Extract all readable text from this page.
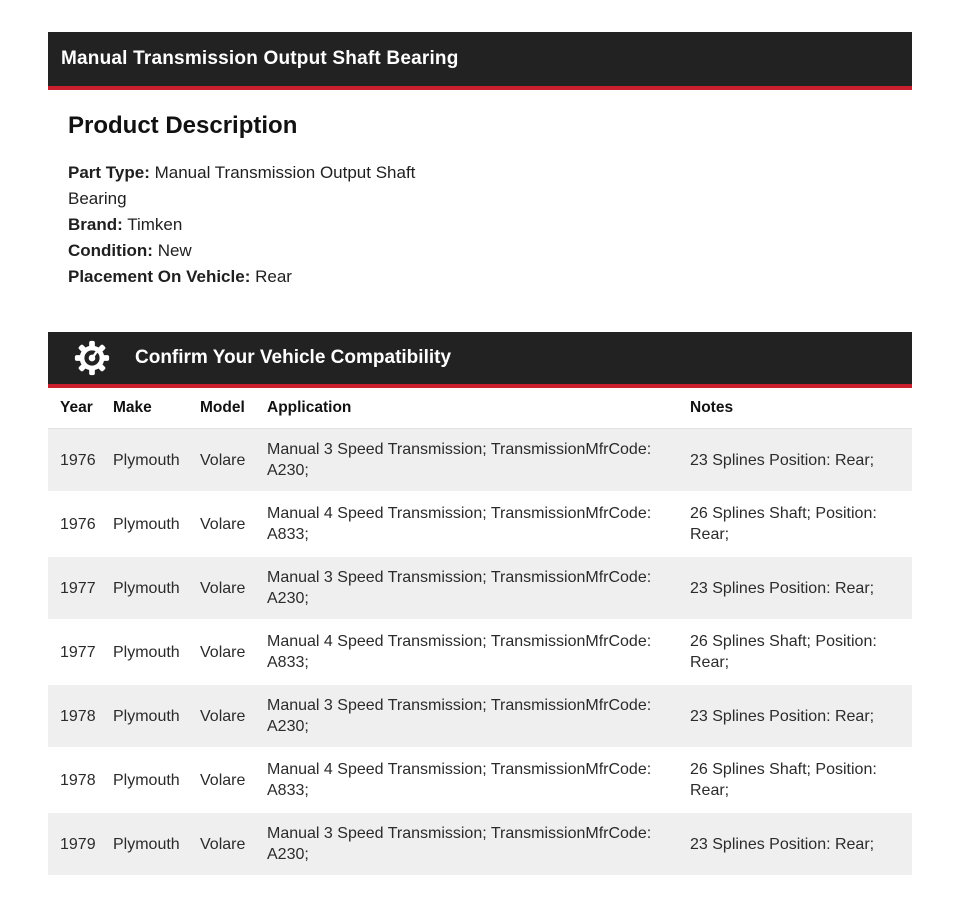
Manual Transmission Output Shaft Bearing
Product Description

Part Type: Manual Transmission Output Shaft Bearing

Brand: Timken

Condition: New

Placement On Vehicle: Rear

Confirm Your Vehicle Compatibility
Year	Make	Model	Application	Notes
1976	Plymouth	Volare	Manual 3 Speed Transmission; TransmissionMfrCode: A230;	23 Splines Position: Rear;
1976	Plymouth	Volare	Manual 4 Speed Transmission; TransmissionMfrCode: A833;	26 Splines Shaft; Position: Rear;
1977	Plymouth	Volare	Manual 3 Speed Transmission; TransmissionMfrCode: A230;	23 Splines Position: Rear;
1977	Plymouth	Volare	Manual 4 Speed Transmission; TransmissionMfrCode: A833;	26 Splines Shaft; Position: Rear;
1978	Plymouth	Volare	Manual 3 Speed Transmission; TransmissionMfrCode: A230;	23 Splines Position: Rear;
1978	Plymouth	Volare	Manual 4 Speed Transmission; TransmissionMfrCode: A833;	26 Splines Shaft; Position: Rear;
1979	Plymouth	Volare	Manual 3 Speed Transmission; TransmissionMfrCode: A230;	23 Splines Position: Rear;
